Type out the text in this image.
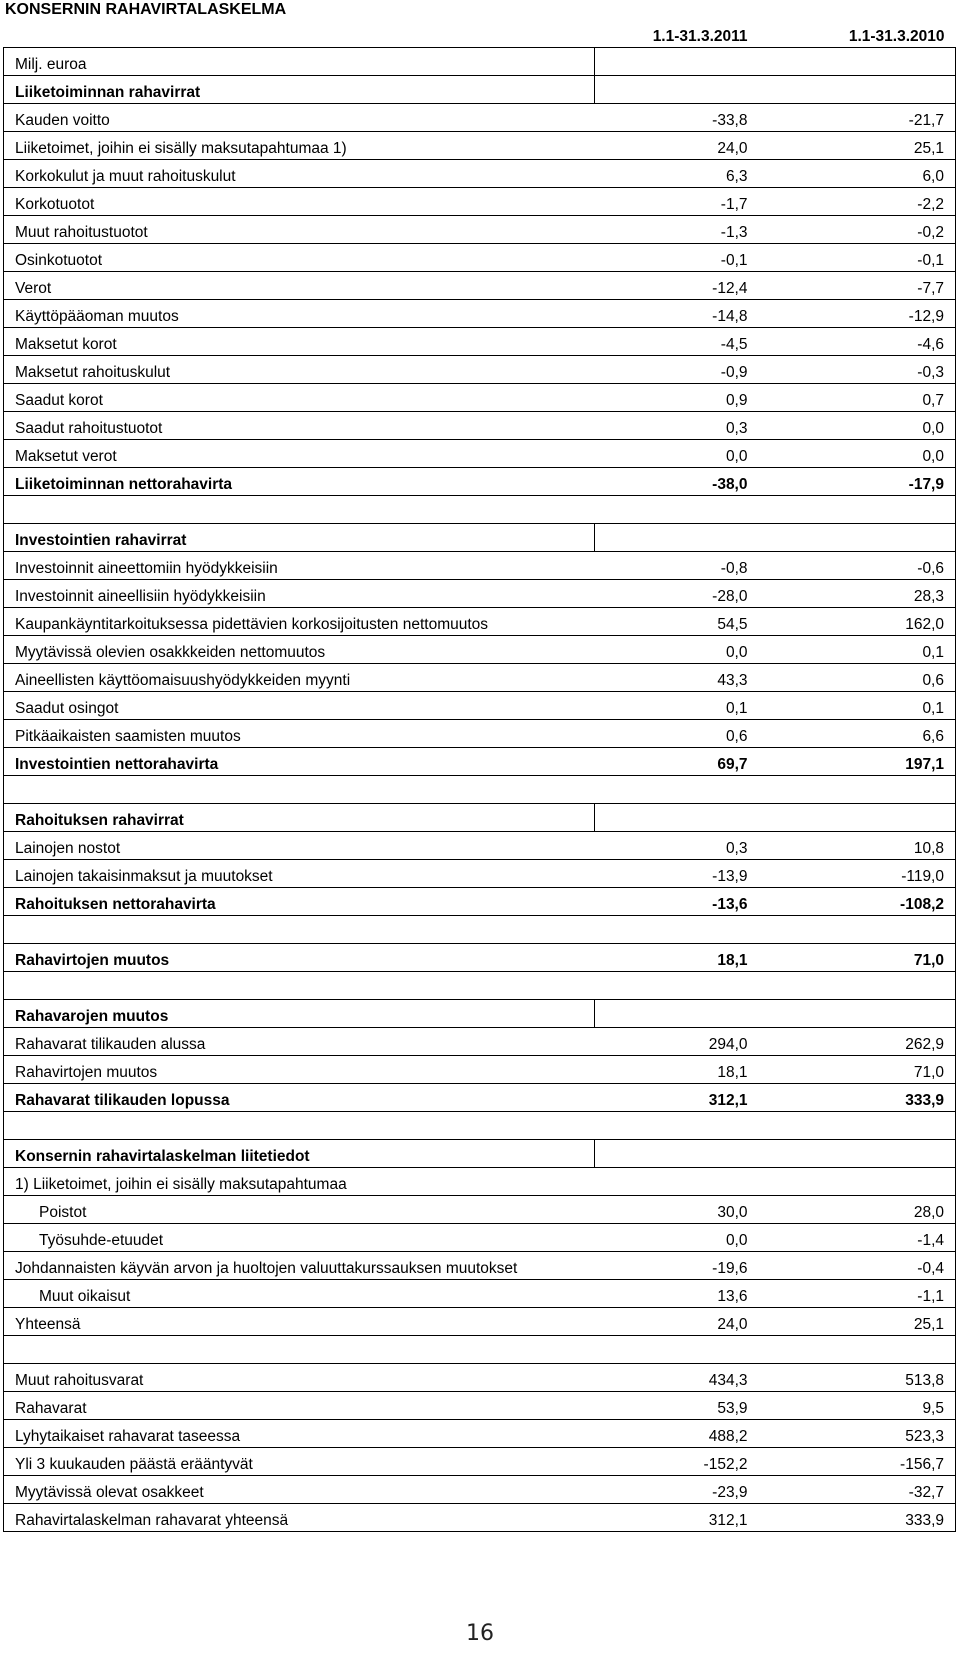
KONSERNIN RAHAVIRTALASKELMA
	1.1-31.3.2011	1.1-31.3.2010
Milj. euroa		
Liiketoiminnan rahavirrat		
Kauden voitto	-33,8	-21,7
Liiketoimet, joihin ei sisälly maksutapahtumaa 1)	24,0	25,1
Korkokulut ja muut rahoituskulut	6,3	6,0
Korkotuotot	-1,7	-2,2
Muut rahoitustuotot	-1,3	-0,2
Osinkotuotot	-0,1	-0,1
Verot	-12,4	-7,7
Käyttöpääoman muutos	-14,8	-12,9
Maksetut korot	-4,5	-4,6
Maksetut rahoituskulut	-0,9	-0,3
Saadut korot	0,9	0,7
Saadut rahoitustuotot	0,3	0,0
Maksetut verot	0,0	0,0
Liiketoiminnan nettorahavirta	-38,0	-17,9

Investointien rahavirrat		
Investoinnit aineettomiin hyödykkeisiin	-0,8	-0,6
Investoinnit aineellisiin hyödykkeisiin	-28,0	28,3
Kaupankäyntitarkoituksessa pidettävien korkosijoitusten nettomuutos	54,5	162,0
Myytävissä olevien osakkkeiden nettomuutos	0,0	0,1
Aineellisten käyttöomaisuushyödykkeiden myynti	43,3	0,6
Saadut osingot	0,1	0,1
Pitkäaikaisten saamisten muutos	0,6	6,6
Investointien nettorahavirta	69,7	197,1

Rahoituksen rahavirrat		
Lainojen nostot	0,3	10,8
Lainojen takaisinmaksut ja muutokset	-13,9	-119,0
Rahoituksen nettorahavirta	-13,6	-108,2

Rahavirtojen muutos	18,1	71,0

Rahavarojen muutos		
Rahavarat tilikauden alussa	294,0	262,9
Rahavirtojen muutos	18,1	71,0
Rahavarat tilikauden lopussa	312,1	333,9

Konsernin rahavirtalaskelman liitetiedot		
1) Liiketoimet, joihin ei sisälly maksutapahtumaa		
Poistot	30,0	28,0
Työsuhde-etuudet	0,0	-1,4
Johdannaisten käyvän arvon ja huoltojen valuuttakurssauksen muutokset	-19,6	-0,4
Muut oikaisut	13,6	-1,1
Yhteensä	24,0	25,1

Muut rahoitusvarat	434,3	513,8
Rahavarat	53,9	9,5
Lyhytaikaiset rahavarat taseessa	488,2	523,3
Yli 3 kuukauden päästä erääntyvät	-152,2	-156,7
Myytävissä olevat osakkeet	-23,9	-32,7
Rahavirtalaskelman rahavarat yhteensä	312,1	333,9
16
